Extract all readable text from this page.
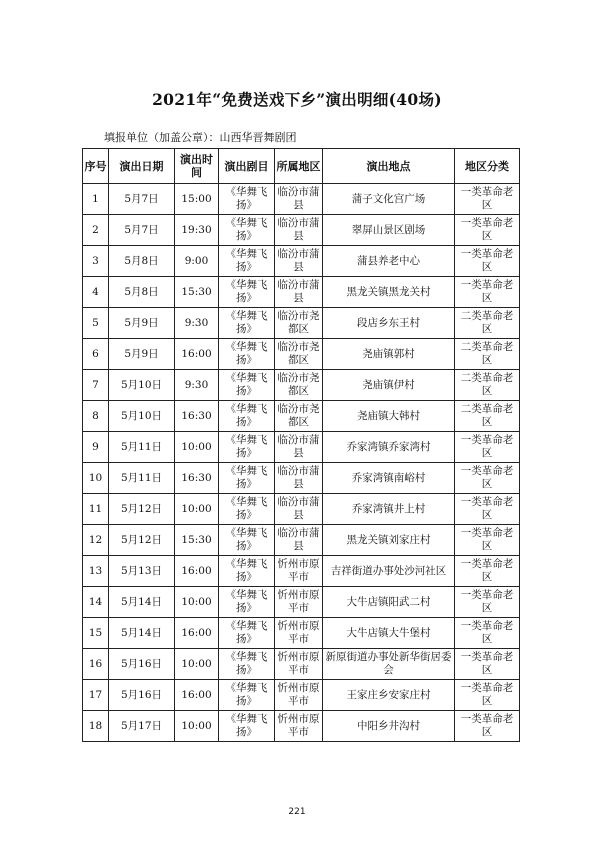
2021年“免费送戏下乡”演出明细(40场)
填报单位（加盖公章）：山西华晋舞剧团
序号	演出日期	演出时间	演出剧目	所属地区	演出地点	地区分类
1	5月7日	15:00	《华舞飞扬》	临汾市蒲县	蒲子文化宫广场	一类革命老区
2	5月7日	19:30	《华舞飞扬》	临汾市蒲县	翠屏山景区剧场	一类革命老区
3	5月8日	9:00	《华舞飞扬》	临汾市蒲县	蒲县养老中心	一类革命老区
4	5月8日	15:30	《华舞飞扬》	临汾市蒲县	黑龙关镇黑龙关村	一类革命老区
5	5月9日	9:30	《华舞飞扬》	临汾市尧都区	段店乡东王村	二类革命老区
6	5月9日	16:00	《华舞飞扬》	临汾市尧都区	尧庙镇郭村	二类革命老区
7	5月10日	9:30	《华舞飞扬》	临汾市尧都区	尧庙镇伊村	二类革命老区
8	5月10日	16:30	《华舞飞扬》	临汾市尧都区	尧庙镇大韩村	二类革命老区
9	5月11日	10:00	《华舞飞扬》	临汾市蒲县	乔家湾镇乔家湾村	一类革命老区
10	5月11日	16:30	《华舞飞扬》	临汾市蒲县	乔家湾镇南峪村	一类革命老区
11	5月12日	10:00	《华舞飞扬》	临汾市蒲县	乔家湾镇井上村	一类革命老区
12	5月12日	15:30	《华舞飞扬》	临汾市蒲县	黑龙关镇刘家庄村	一类革命老区
13	5月13日	16:00	《华舞飞扬》	忻州市原平市	吉祥街道办事处沙河社区	一类革命老区
14	5月14日	10:00	《华舞飞扬》	忻州市原平市	大牛店镇阳武二村	一类革命老区
15	5月14日	16:00	《华舞飞扬》	忻州市原平市	大牛店镇大牛堡村	一类革命老区
16	5月16日	10:00	《华舞飞扬》	忻州市原平市	新原街道办事处新华街居委会	一类革命老区
17	5月16日	16:00	《华舞飞扬》	忻州市原平市	王家庄乡安家庄村	一类革命老区
18	5月17日	10:00	《华舞飞扬》	忻州市原平市	中阳乡井沟村	一类革命老区
221
